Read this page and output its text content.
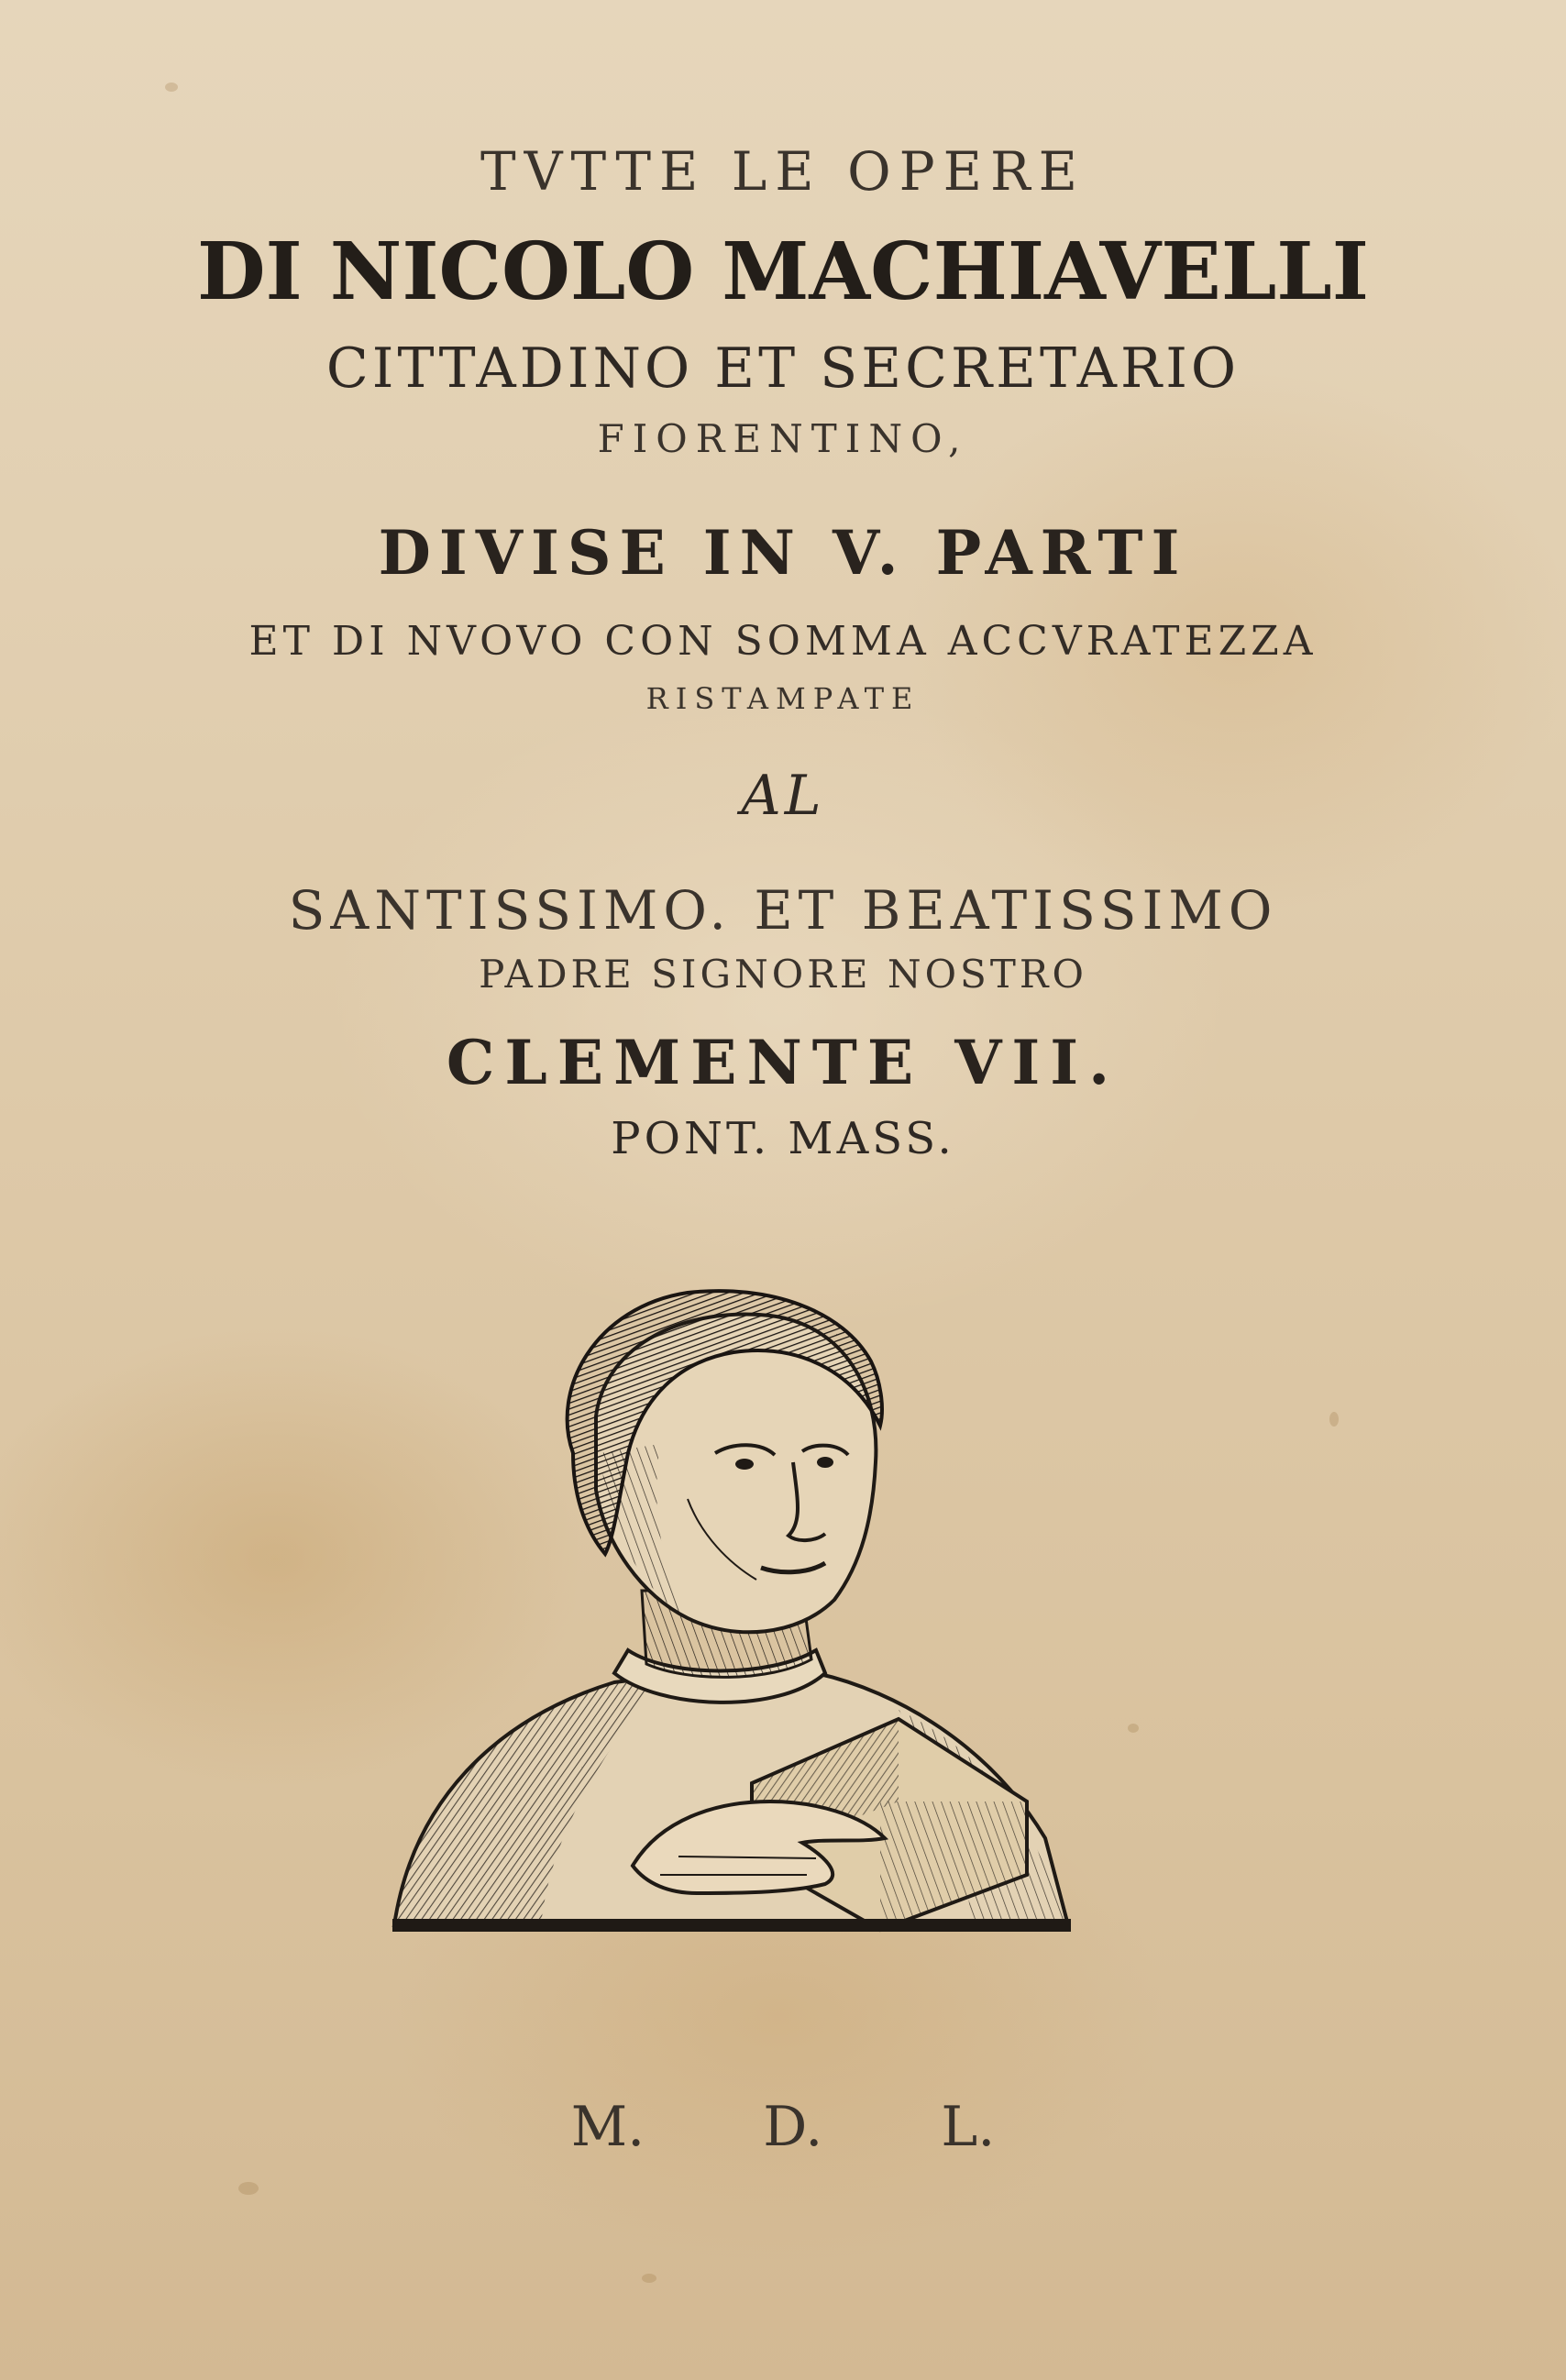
TVTTE LE OPERE

DI NICOLO MACHIAVELLI

CITTADINO ET SECRETARIO

FIORENTINO,

DIVISE IN V. PARTI

ET DI NVOVO CON SOMMA ACCVRATEZZA

RISTAMPATE

AL

SANTISSIMO. ET BEATISSIMO

PADRE SIGNORE NOSTRO

CLEMENTE VII.

PONT. MASS.

M. D. L.
